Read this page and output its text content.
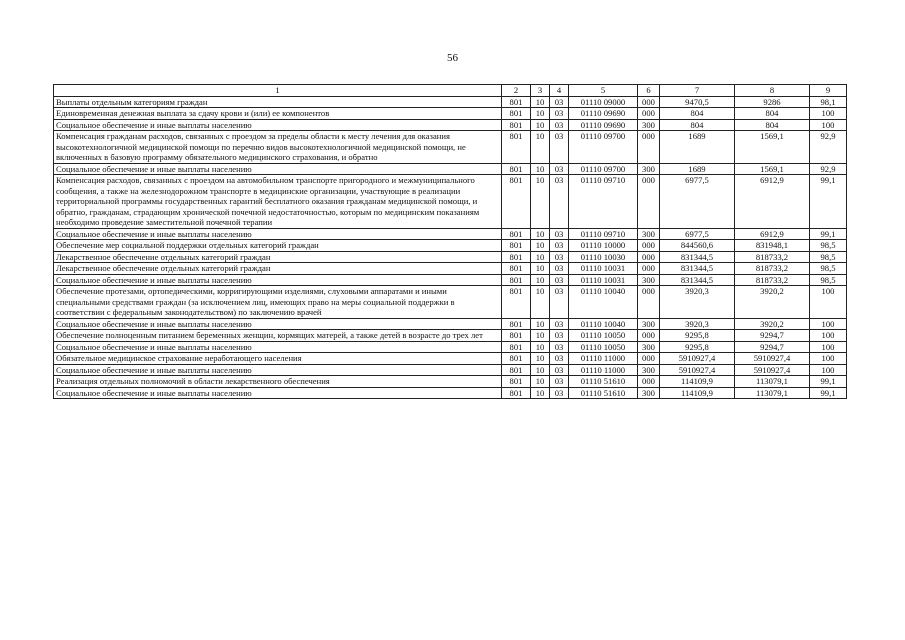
56
1	2	3	4	5	6	7	8	9
Выплаты отдельным категориям граждан	801	10	03	01110 09000	000	9470,5	9286	98,1
Единовременная денежная выплата за сдачу крови и (или) ее компонентов	801	10	03	01110 09690	000	804	804	100
Социальное обеспечение и иные выплаты населению	801	10	03	01110 09690	300	804	804	100
Компенсация гражданам расходов, связанных с проездом за пределы области к месту лечения для оказания высокотехнологичной медицинской помощи по перечню видов высокотехнологичной медицинской помощи, не включенных в базовую программу обязательного медицинского страхования, и обратно	801	10	03	01110 09700	000	1689	1569,1	92,9
Социальное обеспечение и иные выплаты населению	801	10	03	01110 09700	300	1689	1569,1	92,9
Компенсация расходов, связанных с проездом на автомобильном транспорте пригородного и межмуниципального сообщения, а также на железнодорожном транспорте в медицинские организации, участвующие в реализации территориальной программы государственных гарантий бесплатного оказания гражданам медицинской помощи, и обратно, гражданам, страдающим хронической почечной недостаточностью, которым по медицинским показаниям необходимо проведение заместительной почечной терапии	801	10	03	01110 09710	000	6977,5	6912,9	99,1
Социальное обеспечение и иные выплаты населению	801	10	03	01110 09710	300	6977,5	6912,9	99,1
Обеспечение мер социальной поддержки отдельных категорий граждан	801	10	03	01110 10000	000	844560,6	831948,1	98,5
Лекарственное обеспечение отдельных категорий граждан	801	10	03	01110 10030	000	831344,5	818733,2	98,5
Лекарственное обеспечение отдельных категорий граждан	801	10	03	01110 10031	000	831344,5	818733,2	98,5
Социальное обеспечение и иные выплаты населению	801	10	03	01110 10031	300	831344,5	818733,2	98,5
Обеспечение протезами, ортопедическими, корригирующими изделиями, слуховыми аппаратами и иными специальными средствами граждан (за исключением лиц, имеющих право на меры социальной поддержки в соответствии с федеральным законодательством) по заключению врачей	801	10	03	01110 10040	000	3920,3	3920,2	100
Социальное обеспечение и иные выплаты населению	801	10	03	01110 10040	300	3920,3	3920,2	100
Обеспечение полноценным питанием беременных женщин, кормящих матерей, а также детей в возрасте до трех лет	801	10	03	01110 10050	000	9295,8	9294,7	100
Социальное обеспечение и иные выплаты населению	801	10	03	01110 10050	300	9295,8	9294,7	100
Обязательное медицинское страхование неработающего населения	801	10	03	01110 11000	000	5910927,4	5910927,4	100
Социальное обеспечение и иные выплаты населению	801	10	03	01110 11000	300	5910927,4	5910927,4	100
Реализация отдельных полномочий в области лекарственного обеспечения	801	10	03	01110 51610	000	114109,9	113079,1	99,1
Социальное обеспечение и иные выплаты населению	801	10	03	01110 51610	300	114109,9	113079,1	99,1
